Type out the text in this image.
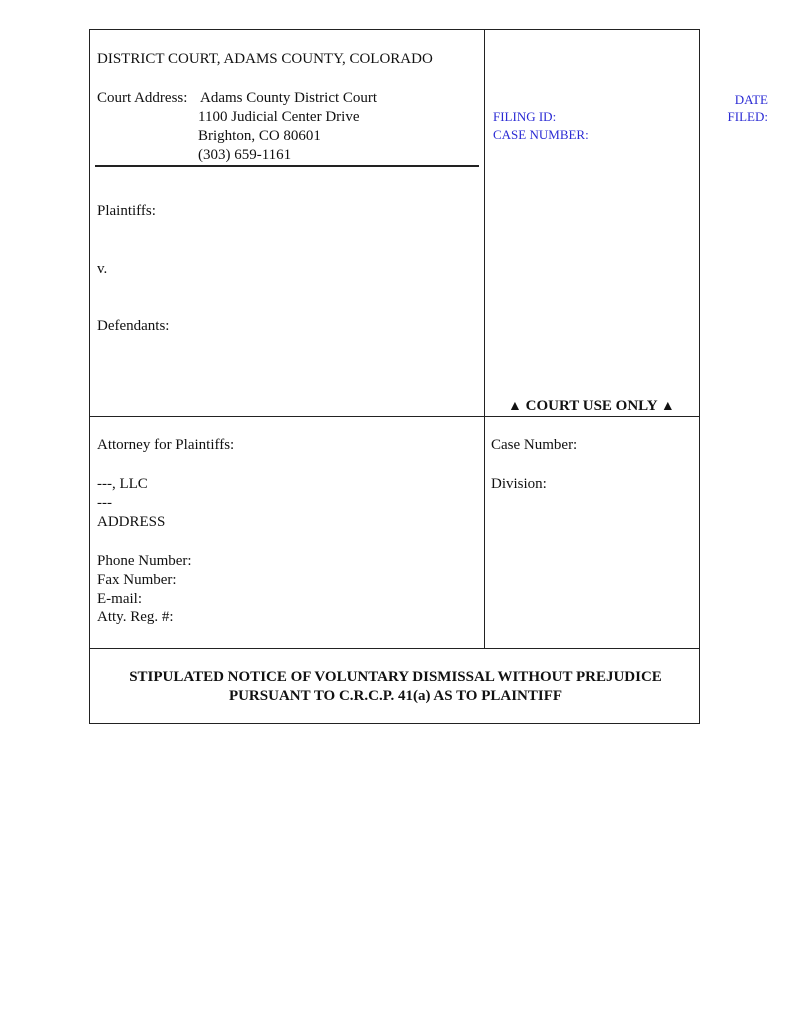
DISTRICT COURT, ADAMS COUNTY, COLORADO
Court Address: Adams County District Court
1100 Judicial Center Drive
Brighton, CO 80601
(303) 659-1161
Plaintiffs:
v.
Defendants:
FILING ID:
CASE NUMBER:
▲ COURT USE ONLY ▲
Attorney for Plaintiffs:
---, LLC
---
ADDRESS
Phone Number:
Fax Number:
E-mail:
Atty. Reg. #:
Case Number:
Division:
STIPULATED NOTICE OF VOLUNTARY DISMISSAL WITHOUT PREJUDICE
PURSUANT TO C.R.C.P. 41(a) AS TO PLAINTIFF
DATE
FILED:
